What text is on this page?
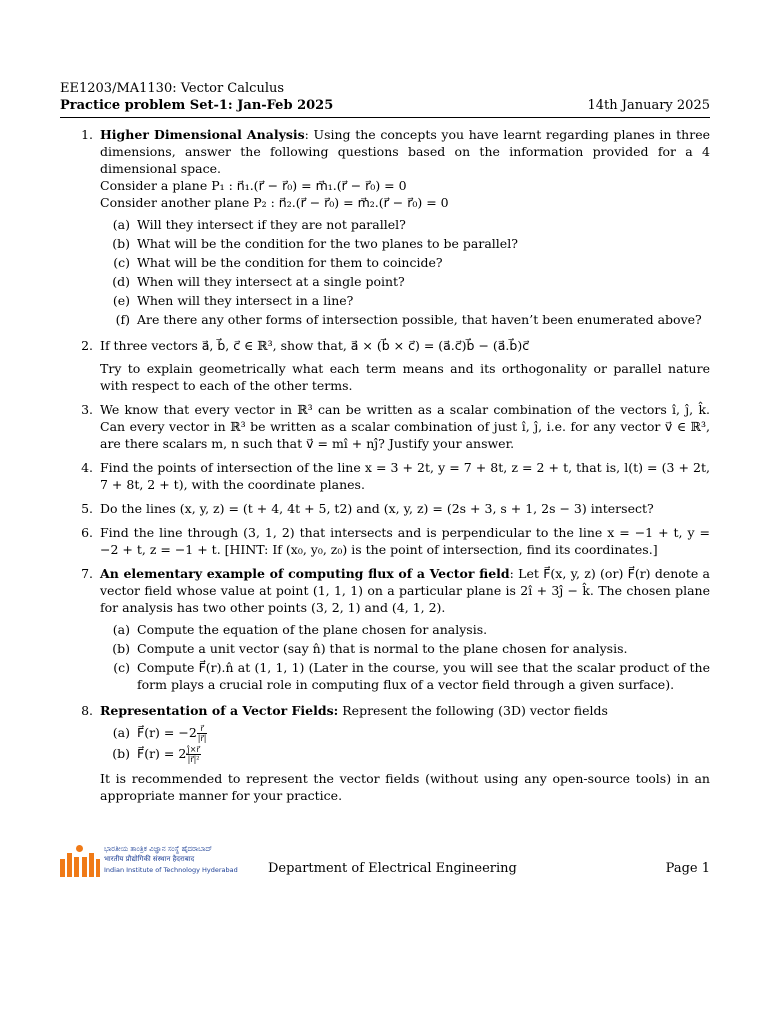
EE1203/MA1130: Vector Calculus
Practice problem Set-1: Jan-Feb 2025	14th January 2025
1. Higher Dimensional Analysis: Using the concepts you have learnt regarding planes in three dimensions, answer the following questions based on the information provided for a 4 dimensional space.
Consider a plane P₁ : n⃗₁.(r⃗ − r⃗₀) = m⃗₁.(r⃗ − r⃗₀) = 0
Consider another plane P₂ : n⃗₂.(r⃗ − r⃗₀) = m⃗₂.(r⃗ − r⃗₀) = 0
(a) Will they intersect if they are not parallel?
(b) What will be the condition for the two planes to be parallel?
(c) What will be the condition for them to coincide?
(d) When will they intersect at a single point?
(e) When will they intersect in a line?
(f) Are there any other forms of intersection possible, that haven’t been enumerated above?
2. If three vectors a⃗, b⃗, c⃗ ∈ ℝ³, show that, a⃗ × (b⃗ × c⃗) = (a⃗.c⃗)b⃗ − (a⃗.b⃗)c⃗
Try to explain geometrically what each term means and its orthogonality or parallel nature with respect to each of the other terms.
3. We know that every vector in ℝ³ can be written as a scalar combination of the vectors î, ĵ, k̂. Can every vector in ℝ³ be written as a scalar combination of just î, ĵ, i.e. for any vector v⃗ ∈ ℝ³, are there scalars m, n such that v⃗ = mî + nĵ? Justify your answer.
4. Find the points of intersection of the line x = 3 + 2t, y = 7 + 8t, z = 2 + t, that is, l(t) = (3 + 2t, 7 + 8t, 2 + t), with the coordinate planes.
5. Do the lines (x, y, z) = (t + 4, 4t + 5, t2) and (x, y, z) = (2s + 3, s + 1, 2s − 3) intersect?
6. Find the line through (3, 1, 2) that intersects and is perpendicular to the line x = −1 + t, y = −2 + t, z = −1 + t. [HINT: If (x₀, y₀, z₀) is the point of intersection, find its coordinates.]
7. An elementary example of computing flux of a Vector field: Let F⃗(x, y, z) (or) F⃗(r) denote a vector field whose value at point (1, 1, 1) on a particular plane is 2î + 3ĵ − k̂. The chosen plane for analysis has two other points (3, 2, 1) and (4, 1, 2).
(a) Compute the equation of the plane chosen for analysis.
(b) Compute a unit vector (say n̂) that is normal to the plane chosen for analysis.
(c) Compute F⃗(r).n̂ at (1, 1, 1) (Later in the course, you will see that the scalar product of the form plays a crucial role in computing flux of a vector field through a given surface).
8. Representation of a Vector Fields: Represent the following (3D) vector fields
(a) F⃗(r) = $-2 \frac{r⃗}{|r⃗|}$
(b) F⃗(r) = $2 \frac{ĵ\times r⃗}{\text{|r⃗|²}}$
It is recommended to represent the vector fields (without using any open-source tools) in an appropriate manner for your practice.
ಭಾರತೀಯ ತಾಂತ್ರಿಕ ವಿಜ್ಞಾನ ಸಂಸ್ಥೆ ಹೈದರಾಬಾದ್
भारतीय प्रौद्योगिकी संस्थान हैदराबाद
Indian Institute of Technology Hyderabad Department of Electrical Engineering	Page 1
